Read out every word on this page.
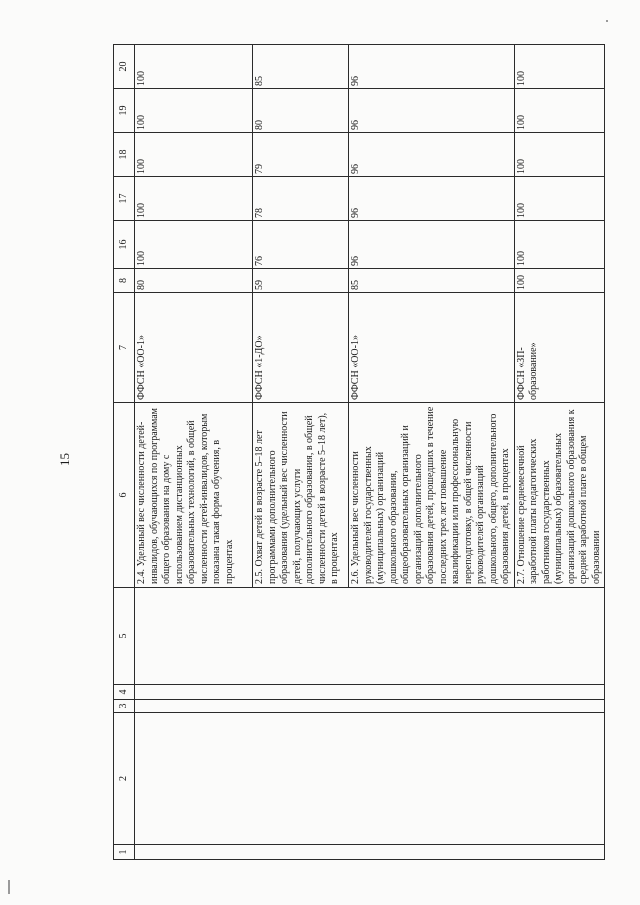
15
1	2	3	4	5	6	7	8	16	17	18	19	20
					2.4. Удельный вес численности детей-инвалидов, обучающихся по программам общего образования на дому с использованием дистанционных образовательных технологий, в общей численности детей-инвалидов, которым показана такая форма обучения, в процентах	ФФСН «ОО-1»	80	100	100	100	100	100
					2.5. Охват детей в возрасте 5–18 лет программами дополнительного образования (удельный вес численности детей, получающих услуги дополнительного образования, в общей численности детей в возрасте 5–18 лет), в процентах	ФФСН «1-ДО»	59	76	78	79	80	85
					2.6. Удельный вес численности руководителей государственных (муниципальных) организаций дошкольного образования, общеобразовательных организаций и организаций дополнительного образования детей, прошедших в течение последних трех лет повышение квалификации или профессиональную переподготовку, в общей численности руководителей организаций дошкольного, общего, дополнительного образования детей, в процентах	ФФСН «ОО-1»	85	96	96	96	96	96
					2.7. Отношение среднемесячной заработной платы педагогических работников государственных (муниципальных) образовательных организаций дошкольного образования к средней заработной плате в общем образовании	ФФСН «ЗП-образование»	100	100	100	100	100	100
